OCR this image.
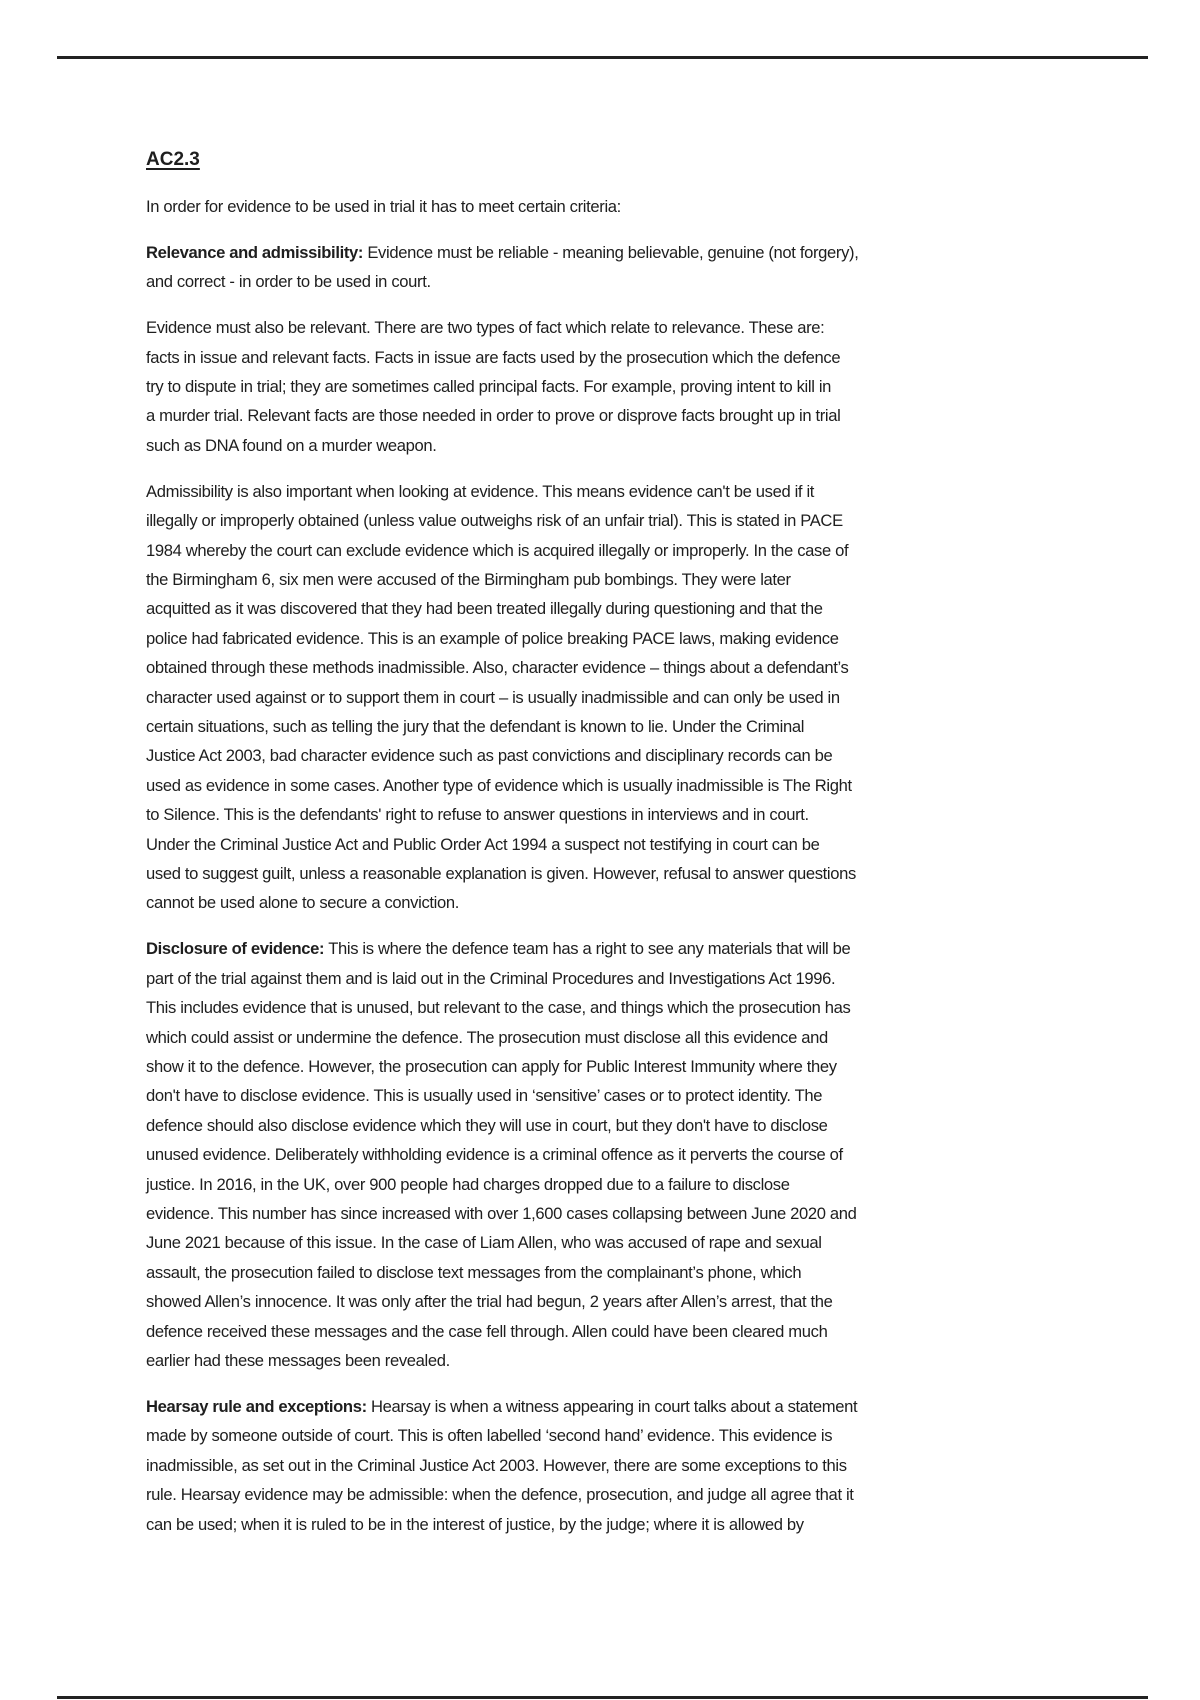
AC2.3
In order for evidence to be used in trial it has to meet certain criteria:
Relevance and admissibility: Evidence must be reliable - meaning believable, genuine (not forgery),
and correct - in order to be used in court.
Evidence must also be relevant. There are two types of fact which relate to relevance. These are:
facts in issue and relevant facts. Facts in issue are facts used by the prosecution which the defence
try to dispute in trial; they are sometimes called principal facts. For example, proving intent to kill in
a murder trial. Relevant facts are those needed in order to prove or disprove facts brought up in trial
such as DNA found on a murder weapon.
Admissibility is also important when looking at evidence. This means evidence can't be used if it
illegally or improperly obtained (unless value outweighs risk of an unfair trial). This is stated in PACE
1984 whereby the court can exclude evidence which is acquired illegally or improperly. In the case of
the Birmingham 6, six men were accused of the Birmingham pub bombings. They were later
acquitted as it was discovered that they had been treated illegally during questioning and that the
police had fabricated evidence. This is an example of police breaking PACE laws, making evidence
obtained through these methods inadmissible. Also, character evidence – things about a defendant’s
character used against or to support them in court – is usually inadmissible and can only be used in
certain situations, such as telling the jury that the defendant is known to lie. Under the Criminal
Justice Act 2003, bad character evidence such as past convictions and disciplinary records can be
used as evidence in some cases. Another type of evidence which is usually inadmissible is The Right
to Silence. This is the defendants' right to refuse to answer questions in interviews and in court.
Under the Criminal Justice Act and Public Order Act 1994 a suspect not testifying in court can be
used to suggest guilt, unless a reasonable explanation is given. However, refusal to answer questions
cannot be used alone to secure a conviction.
Disclosure of evidence: This is where the defence team has a right to see any materials that will be
part of the trial against them and is laid out in the Criminal Procedures and Investigations Act 1996.
This includes evidence that is unused, but relevant to the case, and things which the prosecution has
which could assist or undermine the defence. The prosecution must disclose all this evidence and
show it to the defence. However, the prosecution can apply for Public Interest Immunity where they
don't have to disclose evidence. This is usually used in ‘sensitive’ cases or to protect identity. The
defence should also disclose evidence which they will use in court, but they don't have to disclose
unused evidence. Deliberately withholding evidence is a criminal offence as it perverts the course of
justice. In 2016, in the UK, over 900 people had charges dropped due to a failure to disclose
evidence. This number has since increased with over 1,600 cases collapsing between June 2020 and
June 2021 because of this issue. In the case of Liam Allen, who was accused of rape and sexual
assault, the prosecution failed to disclose text messages from the complainant’s phone, which
showed Allen’s innocence. It was only after the trial had begun, 2 years after Allen’s arrest, that the
defence received these messages and the case fell through. Allen could have been cleared much
earlier had these messages been revealed.
Hearsay rule and exceptions: Hearsay is when a witness appearing in court talks about a statement
made by someone outside of court. This is often labelled ‘second hand’ evidence. This evidence is
inadmissible, as set out in the Criminal Justice Act 2003. However, there are some exceptions to this
rule. Hearsay evidence may be admissible: when the defence, prosecution, and judge all agree that it
can be used; when it is ruled to be in the interest of justice, by the judge; where it is allowed by
